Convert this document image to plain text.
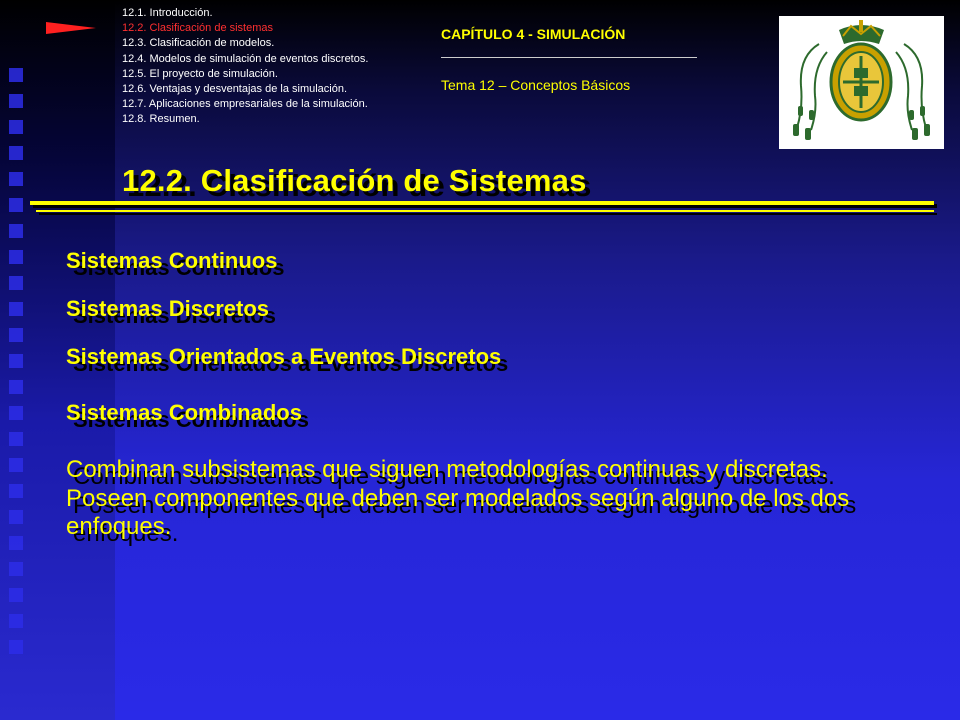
12.1. Introducción.
12.2. Clasificación de sistemas
12.3. Clasificación de modelos.
12.4. Modelos de simulación de eventos discretos.
12.5. El proyecto de simulación.
12.6. Ventajas y desventajas de la simulación.
12.7. Aplicaciones empresariales de la simulación.
12.8. Resumen.
CAPÍTULO 4 - SIMULACIÓN
Tema 12 – Conceptos Básicos
12.2. Clasificación de Sistemas
Sistemas Continuos
Sistemas Discretos
Sistemas Orientados a Eventos Discretos
Sistemas Combinados
Combinan subsistemas que siguen metodologías continuas y discretas. Poseen componentes que deben ser modelados según alguno de los dos enfoques.
